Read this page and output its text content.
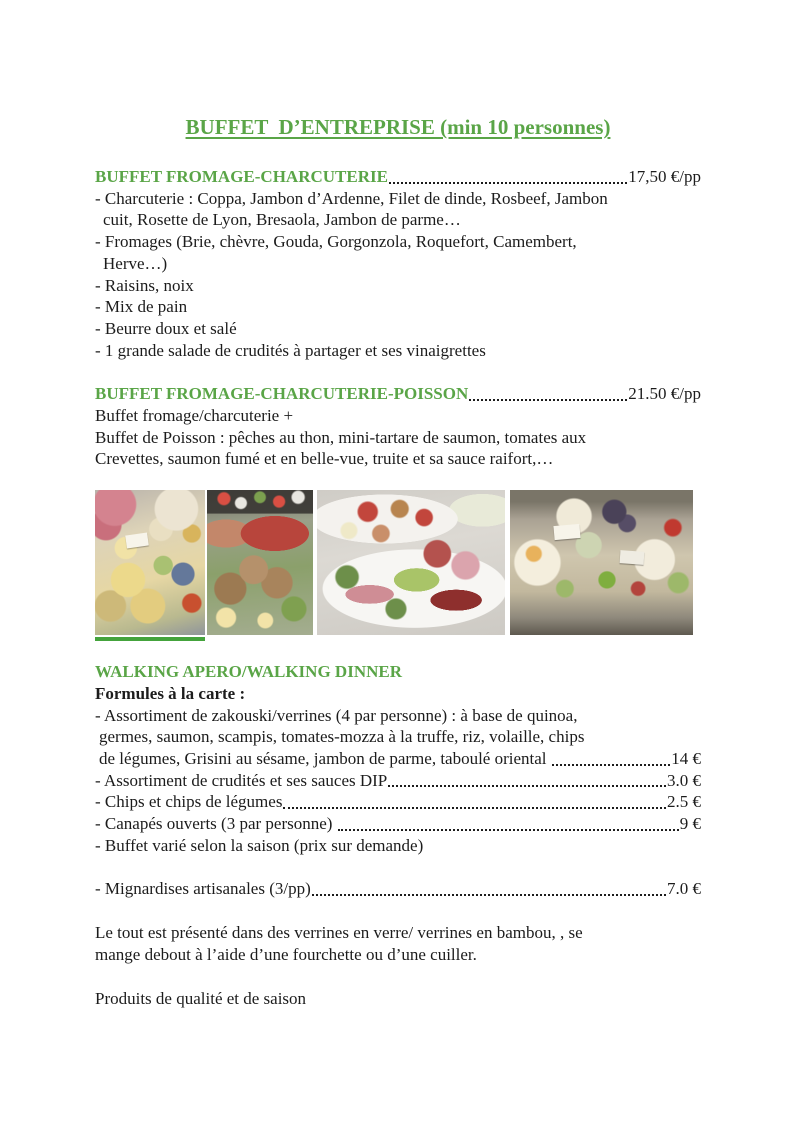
BUFFET  D’ENTREPRISE (min 10 personnes)
BUFFET FROMAGE-CHARCUTERIE	17,50 €/pp
- Charcuterie : Coppa, Jambon d’Ardenne, Filet de dinde, Rosbeef, Jambon
cuit, Rosette de Lyon, Bresaola, Jambon de parme…
- Fromages (Brie, chèvre, Gouda, Gorgonzola, Roquefort, Camembert,
Herve…)
- Raisins, noix
- Mix de pain
- Beurre doux et salé
- 1 grande salade de crudités à partager et ses vinaigrettes
BUFFET FROMAGE-CHARCUTERIE-POISSON	21.50 €/pp
Buffet fromage/charcuterie +
Buffet de Poisson : pêches au thon, mini-tartare de saumon, tomates aux
Crevettes, saumon fumé et en belle-vue, truite et sa sauce raifort,…
WALKING APERO/WALKING DINNER
Formules à la carte :
- Assortiment de zakouski/verrines (4 par personne) : à base de quinoa,
germes, saumon, scampis, tomates-mozza à la truffe, riz, volaille, chips
de légumes, Grisini au sésame, jambon de parme, taboulé oriental	14 €
- Assortiment de crudités et ses sauces DIP	3.0 €
- Chips et chips de légumes	2.5 €
- Canapés ouverts (3 par personne)	9 €
- Buffet varié selon la saison (prix sur demande)
- Mignardises artisanales (3/pp)	7.0 €
Le tout est présenté dans des verrines en verre/ verrines en bambou, , se
mange debout à l’aide d’une fourchette ou d’une cuiller.
Produits de qualité et de saison
